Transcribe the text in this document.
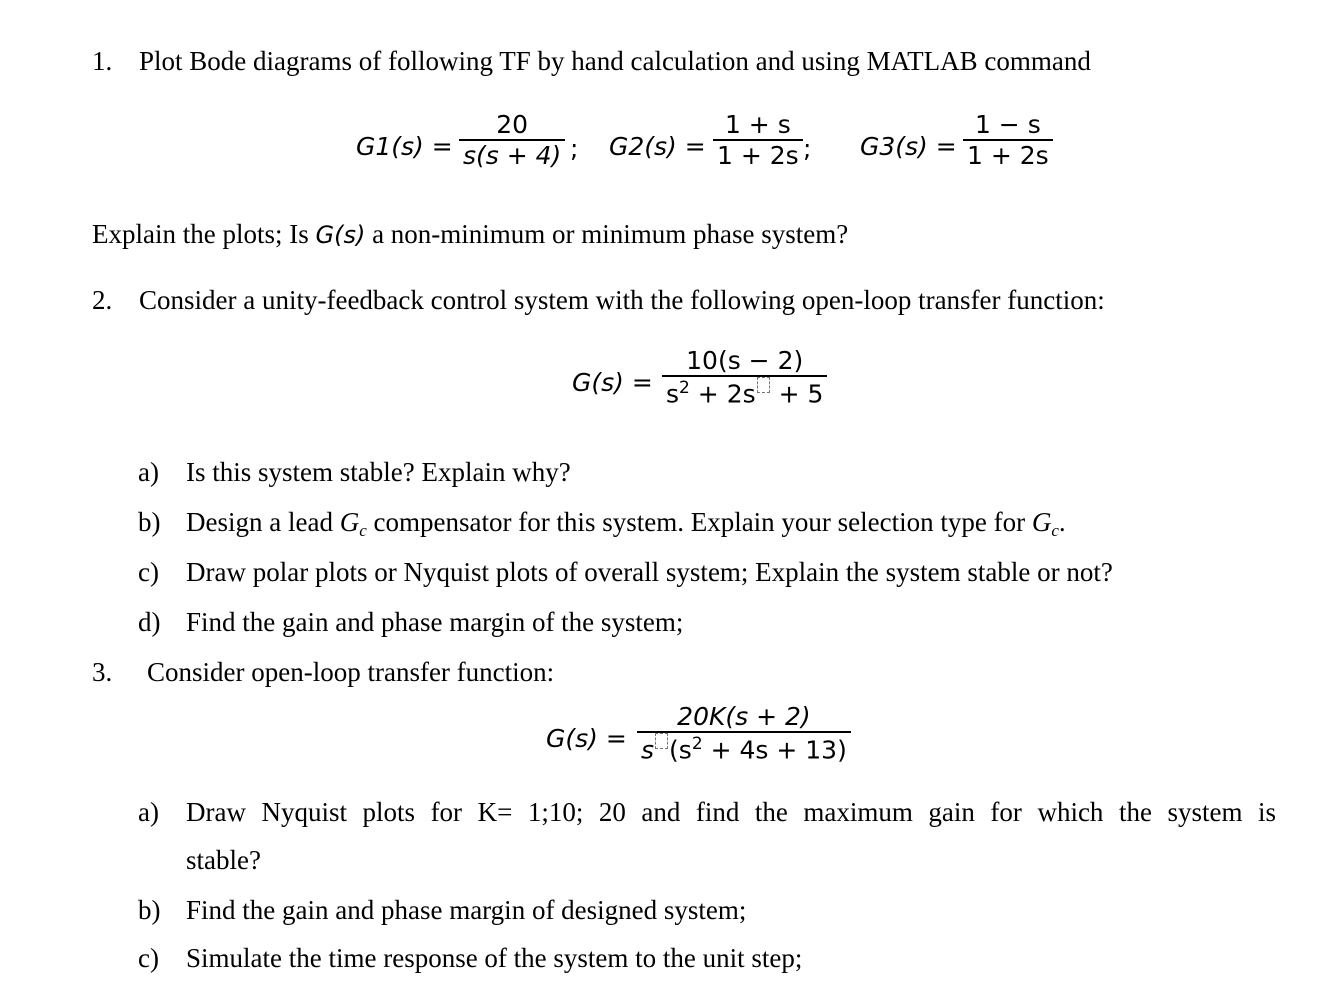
1. Plot Bode diagrams of following TF by hand calculation and using MATLAB command
G1(s) =
20
s(s + 4) ; G2(s) =
1 + s
1 + 2s ; G3(s) =
1 − s
1 + 2s
Explain the plots; Is G(s) a non-minimum or minimum phase system?
2. Consider a unity-feedback control system with the following open-loop transfer function:
G(s) =
10(s − 2)
$s^2 + 2s + 5$
a) Is this system stable? Explain why?
b) Design a lead $G_c$ compensator for this system. Explain your selection type for $G_c$.
c) Draw polar plots or Nyquist plots of overall system; Explain the system stable or not?
d) Find the gain and phase margin of the system;
3. Consider open-loop transfer function:
G(s) =
20K(s + 2)
s $(s^2 + 4s + 13)$
a) Draw Nyquist plots for K= 1;10; 20 and find the maximum gain for which the system is
stable?
b) Find the gain and phase margin of designed system;
c) Simulate the time response of the system to the unit step;
